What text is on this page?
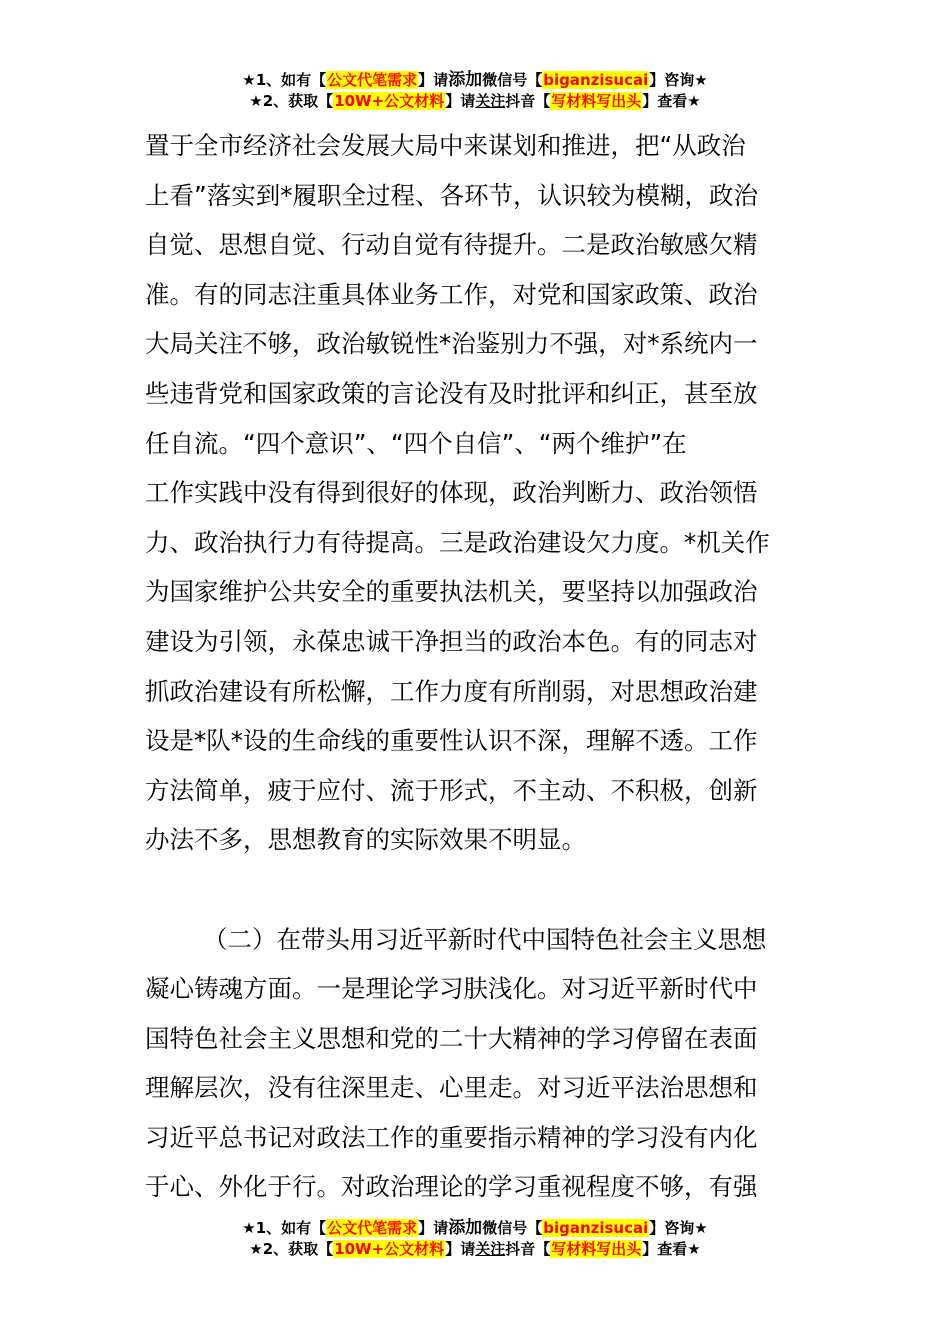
★1、如有【公文代笔需求】请添加微信号【biganzisucai】咨询★
★2、获取【10W+公文材料】请关注抖音【写材料写出头】查看★

置于全市经济社会发展大局中来谋划和推进，把“从政治
上看”落实到*履职全过程、各环节，认识较为模糊，政治
自觉、思想自觉、行动自觉有待提升。二是政治敏感欠精
准。有的同志注重具体业务工作，对党和国家政策、政治
大局关注不够，政治敏锐性*治鉴别力不强，对*系统内一
些违背党和国家政策的言论没有及时批评和纠正，甚至放
任自流。“四个意识”、“四个自信”、“两个维护”在
工作实践中没有得到很好的体现，政治判断力、政治领悟
力、政治执行力有待提高。三是政治建设欠力度。*机关作
为国家维护公共安全的重要执法机关，要坚持以加强政治
建设为引领，永葆忠诚干净担当的政治本色。有的同志对
抓政治建设有所松懈，工作力度有所削弱，对思想政治建
设是*队*设的生命线的重要性认识不深，理解不透。工作
方法简单，疲于应付、流于形式，不主动、不积极，创新
办法不多，思想教育的实际效果不明显。

（二）在带头用习近平新时代中国特色社会主义思想
凝心铸魂方面。一是理论学习肤浅化。对习近平新时代中
国特色社会主义思想和党的二十大精神的学习停留在表面
理解层次，没有往深里走、心里走。对习近平法治思想和
习近平总书记对政法工作的重要指示精神的学习没有内化
于心、外化于行。对政治理论的学习重视程度不够，有强

★1、如有【公文代笔需求】请添加微信号【biganzisucai】咨询★
★2、获取【10W+公文材料】请关注抖音【写材料写出头】查看★
